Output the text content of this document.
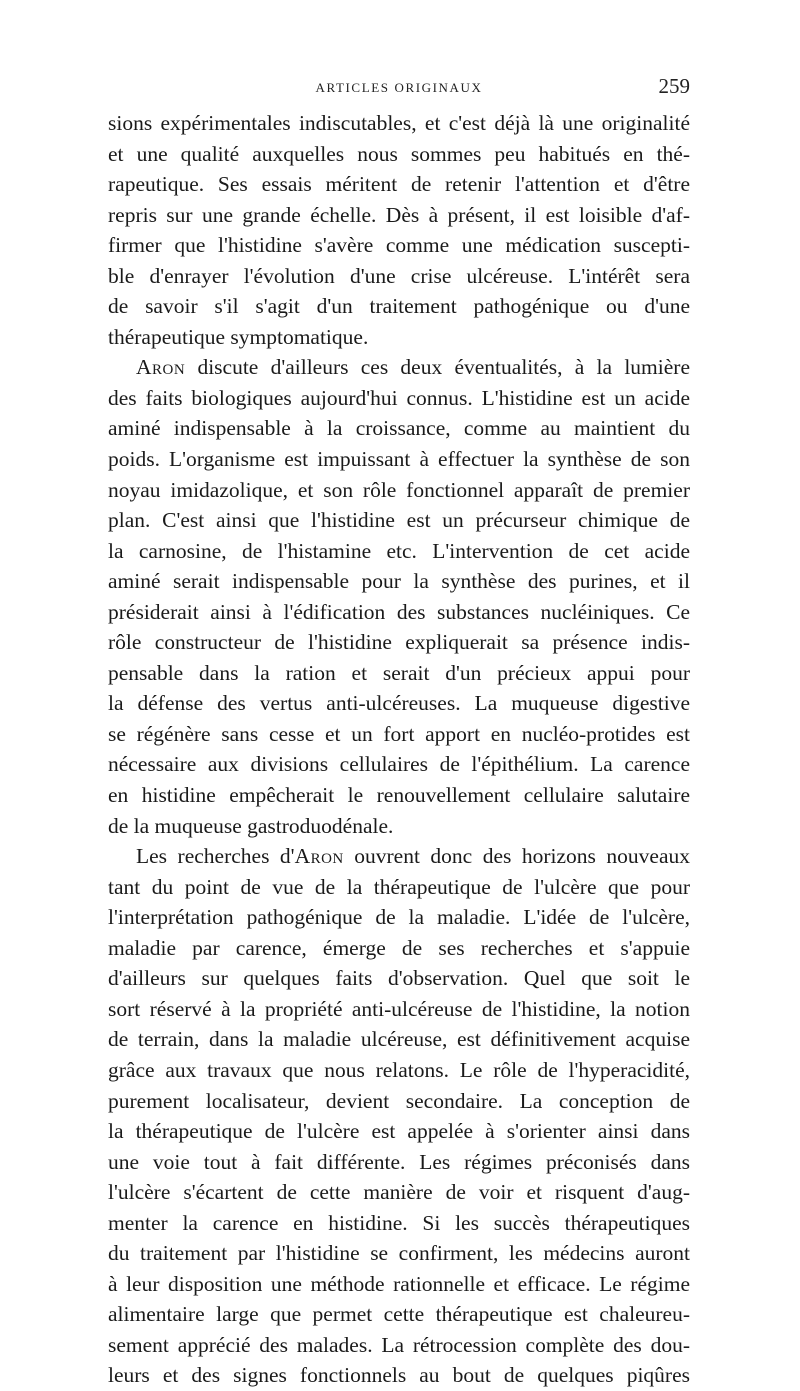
ARTICLES ORIGINAUX	259
sions expérimentales indiscutables, et c'est déjà là une originalité
et une qualité auxquelles nous sommes peu habitués en thé-
rapeutique. Ses essais méritent de retenir l'attention et d'être
repris sur une grande échelle. Dès à présent, il est loisible d'af-
firmer que l'histidine s'avère comme une médication suscepti-
ble d'enrayer l'évolution d'une crise ulcéreuse. L'intérêt sera
de savoir s'il s'agit d'un traitement pathogénique ou d'une
thérapeutique symptomatique.
Aron discute d'ailleurs ces deux éventualités, à la lumière
des faits biologiques aujourd'hui connus. L'histidine est un acide
aminé indispensable à la croissance, comme au maintient du
poids. L'organisme est impuissant à effectuer la synthèse de son
noyau imidazolique, et son rôle fonctionnel apparaît de premier
plan. C'est ainsi que l'histidine est un précurseur chimique de
la carnosine, de l'histamine etc. L'intervention de cet acide
aminé serait indispensable pour la synthèse des purines, et il
présiderait ainsi à l'édification des substances nucléiniques. Ce
rôle constructeur de l'histidine expliquerait sa présence indis-
pensable dans la ration et serait d'un précieux appui pour
la défense des vertus anti-ulcéreuses. La muqueuse digestive
se régénère sans cesse et un fort apport en nucléo-protides est
nécessaire aux divisions cellulaires de l'épithélium. La carence
en histidine empêcherait le renouvellement cellulaire salutaire
de la muqueuse gastroduodénale.
Les recherches d'Aron ouvrent donc des horizons nouveaux
tant du point de vue de la thérapeutique de l'ulcère que pour
l'interprétation pathogénique de la maladie. L'idée de l'ulcère,
maladie par carence, émerge de ses recherches et s'appuie
d'ailleurs sur quelques faits d'observation. Quel que soit le
sort réservé à la propriété anti-ulcéreuse de l'histidine, la notion
de terrain, dans la maladie ulcéreuse, est définitivement acquise
grâce aux travaux que nous relatons. Le rôle de l'hyperacidité,
purement localisateur, devient secondaire. La conception de
la thérapeutique de l'ulcère est appelée à s'orienter ainsi dans
une voie tout à fait différente. Les régimes préconisés dans
l'ulcère s'écartent de cette manière de voir et risquent d'aug-
menter la carence en histidine. Si les succès thérapeutiques
du traitement par l'histidine se confirment, les médecins auront
à leur disposition une méthode rationnelle et efficace. Le régime
alimentaire large que permet cette thérapeutique est chaleureu-
sement apprécié des malades. La rétrocession complète des dou-
leurs et des signes fonctionnels au bout de quelques piqûres
